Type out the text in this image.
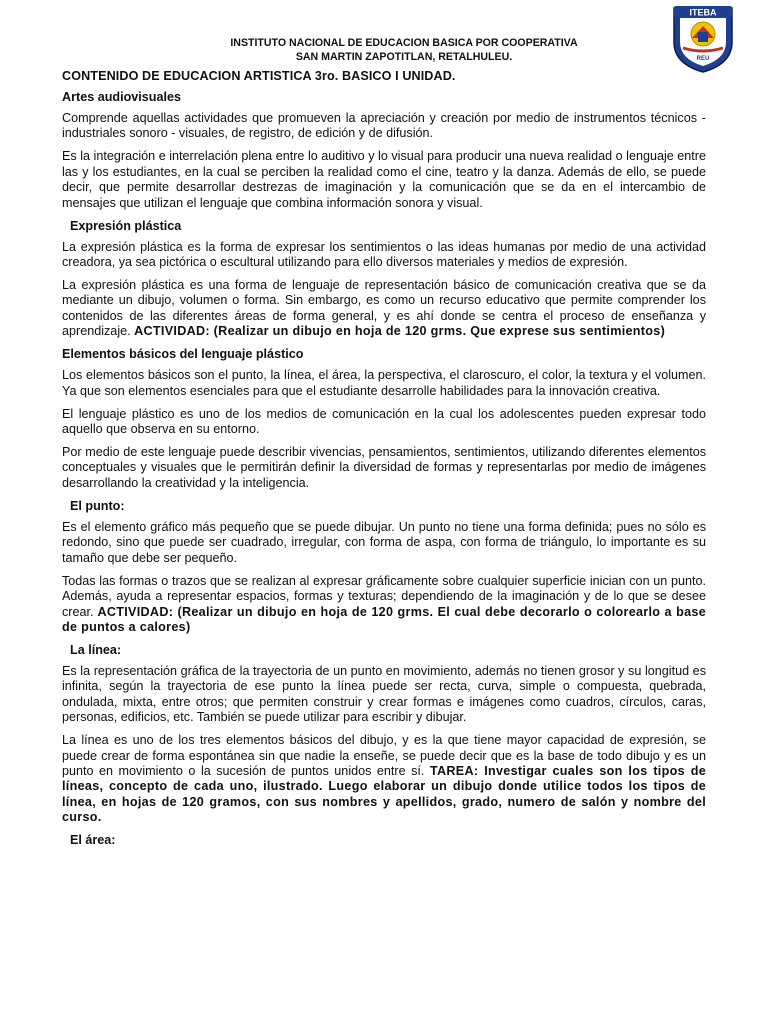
ITEBA
REU
INSTITUTO NACIONAL DE EDUCACION BASICA POR COOPERATIVA
SAN MARTIN ZAPOTITLAN, RETALHULEU.
CONTENIDO DE EDUCACION ARTISTICA 3ro. BASICO I UNIDAD.
Artes audiovisuales

Comprende aquellas actividades que promueven la apreciación y creación por medio de instrumentos técnicos - industriales sonoro - visuales, de registro, de edición y de difusión.

Es la integración e interrelación plena entre lo auditivo y lo visual para producir una nueva realidad o lenguaje entre las y los estudiantes, en la cual se perciben la realidad como el cine, teatro y la danza. Además de ello, se puede decir, que permite desarrollar destrezas de imaginación y la comunicación que se da en el intercambio de mensajes que utilizan el lenguaje que combina información sonora y visual.

Expresión plástica

La expresión plástica es la forma de expresar los sentimientos o las ideas humanas por medio de una actividad creadora, ya sea pictórica o escultural utilizando para ello diversos materiales y medios de expresión.

La expresión plástica es una forma de lenguaje de representación básico de comunicación creativa que se da mediante un dibujo, volumen o forma. Sin embargo, es como un recurso educativo que permite comprender los contenidos de las diferentes áreas de forma general, y es ahí donde se centra el proceso de enseñanza y aprendizaje. ACTIVIDAD: (Realizar un dibujo en hoja de 120 grms. Que exprese sus sentimientos)

Elementos básicos del lenguaje plástico

Los elementos básicos son el punto, la línea, el área, la perspectiva, el claroscuro, el color, la textura y el volumen. Ya que son elementos esenciales para que el estudiante desarrolle habilidades para la innovación creativa.

El lenguaje plástico es uno de los medios de comunicación en la cual los adolescentes pueden expresar todo aquello que observa en su entorno.

Por medio de este lenguaje puede describir vivencias, pensamientos, sentimientos, utilizando diferentes elementos conceptuales y visuales que le permitirán definir la diversidad de formas y representarlas por medio de imágenes desarrollando la creatividad y la inteligencia.

El punto:

Es el elemento gráfico más pequeño que se puede dibujar. Un punto no tiene una forma definida; pues no sólo es redondo, sino que puede ser cuadrado, irregular, con forma de aspa, con forma de triángulo, lo importante es su tamaño que debe ser pequeño.

Todas las formas o trazos que se realizan al expresar gráficamente sobre cualquier superficie inician con un punto. Además, ayuda a representar espacios, formas y texturas; dependiendo de la imaginación y de lo que se desee crear. ACTIVIDAD: (Realizar un dibujo en hoja de 120 grms. El cual debe decorarlo o colorearlo a base de puntos a calores)

La línea:

Es la representación gráfica de la trayectoria de un punto en movimiento, además no tienen grosor y su longitud es infinita, según la trayectoria de ese punto la línea puede ser recta, curva, simple o compuesta, quebrada, ondulada, mixta, entre otros; que permiten construir y crear formas e imágenes como cuadros, círculos, caras, personas, edificios, etc. También se puede utilizar para escribir y dibujar.

La línea es uno de los tres elementos básicos del dibujo, y es la que tiene mayor capacidad de expresión, se puede crear de forma espontánea sin que nadie la enseñe, se puede decir que es la base de todo dibujo y es un punto en movimiento o la sucesión de puntos unidos entre sí. TAREA: Investigar cuales son los tipos de líneas, concepto de cada uno, ilustrado. Luego elaborar un dibujo donde utilice todos los tipos de línea, en hojas de 120 gramos, con sus nombres y apellidos, grado, numero de salón y nombre del curso.

El área:
